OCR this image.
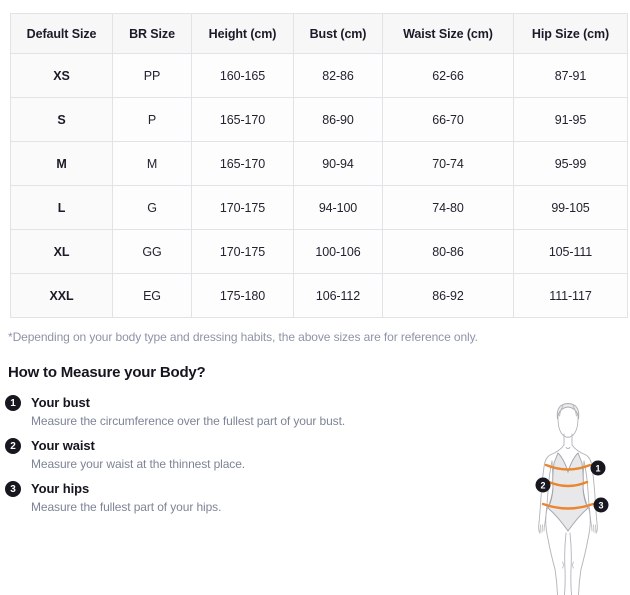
Default Size	BR Size	Height (cm)	Bust (cm)	Waist Size (cm)	Hip Size (cm)
XS	PP	160-165	82-86	62-66	87-91
S	P	165-170	86-90	66-70	91-95
M	M	165-170	90-94	70-74	95-99
L	G	170-175	94-100	74-80	99-105
XL	GG	170-175	100-106	80-86	105-111
XXL	EG	175-180	106-112	86-92	111-117
*Depending on your body type and dressing habits, the above sizes are for reference only.
How to Measure your Body?
1	Your bust
Measure the circumference over the fullest part of your bust.
2	Your waist
Measure your waist at the thinnest place.
3	Your hips
Measure the fullest part of your hips.
1
2
3
